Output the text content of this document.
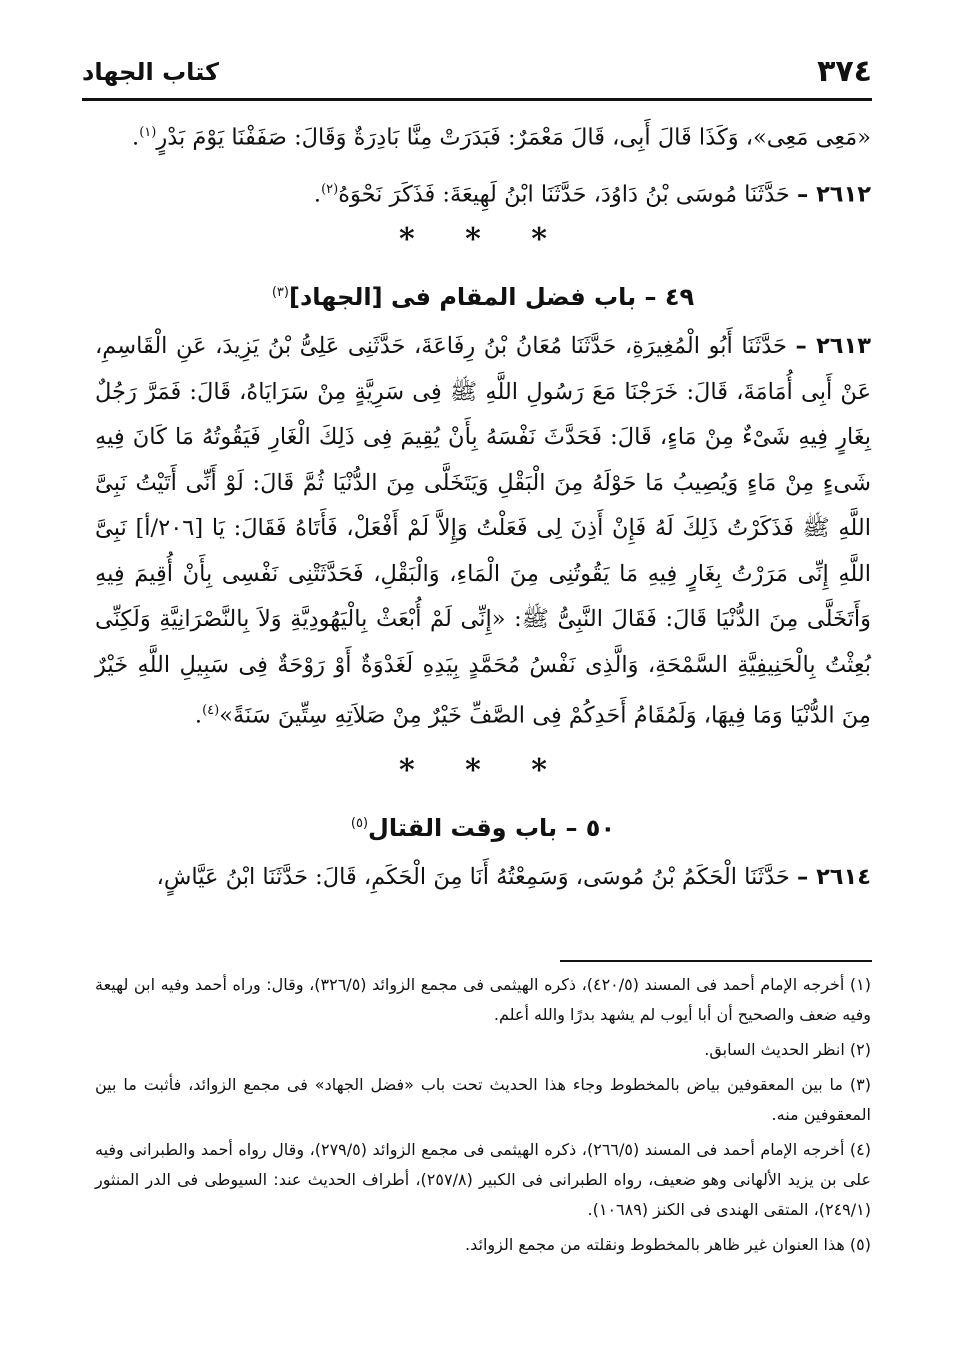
كتاب الجهاد	٣٧٤

«مَعِى مَعِى»، وَكَذَا قَالَ أَبِى، قَالَ مَعْمَرٌ: فَبَدَرَتْ مِنَّا بَادِرَةٌ وَقَالَ: صَفَفْنَا يَوْمَ بَدْرٍ$^{(١)}$.

٢٦١٢ – حَدَّثَنَا مُوسَى بْنُ دَاوُدَ، حَدَّثَنَا ابْنُ لَهِيعَةَ: فَذَكَرَ نَحْوَهُ$^{(٢)}$.

* * *
٤٩ – باب فضل المقام فى [الجهاد]$^{(٣)}$

٢٦١٣ – حَدَّثَنَا أَبُو الْمُغِيرَةِ، حَدَّثَنَا مُعَانُ بْنُ رِفَاعَةَ، حَدَّثَنِى عَلِىُّ بْنُ يَزِيدَ، عَنِ الْقَاسِمِ، عَنْ أَبِى أُمَامَةَ، قَالَ: خَرَجْنَا مَعَ رَسُولِ اللَّهِ ﷺ فِى سَرِيَّةٍ مِنْ سَرَايَاهُ، قَالَ: فَمَرَّ رَجُلٌ بِغَارٍ فِيهِ شَىْءٌ مِنْ مَاءٍ، قَالَ: فَحَدَّثَ نَفْسَهُ بِأَنْ يُقِيمَ فِى ذَلِكَ الْغَارِ فَيَقُوتُهُ مَا كَانَ فِيهِ شَىءٍ مِنْ مَاءٍ وَيُصِيبُ مَا حَوْلَهُ مِنَ الْبَقْلِ وَيَتَخَلَّى مِنَ الدُّنْيَا ثُمَّ قَالَ: لَوْ أَنِّى أَتَيْتُ نَبِىَّ اللَّهِ ﷺ فَذَكَرْتُ ذَلِكَ لَهُ فَإِنْ أَذِنَ لِى فَعَلْتُ وَإِلاَّ لَمْ أَفْعَلْ، فَأَتَاهُ فَقَالَ: يَا [٢٠٦/أ] نَبِىَّ اللَّهِ إِنِّى مَرَرْتُ بِغَارٍ فِيهِ مَا يَقُوتُنِى مِنَ الْمَاءِ، وَالْبَقْلِ، فَحَدَّثَتْنِى نَفْسِى بِأَنْ أُقِيمَ فِيهِ وَأَتَخَلَّى مِنَ الدُّنْيَا قَالَ: فَقَالَ النَّبِىُّ ﷺ: «إِنِّى لَمْ أُبْعَثْ بِالْيَهُودِيَّةِ وَلاَ بِالنَّصْرَانِيَّةِ وَلَكِنِّى بُعِثْتُ بِالْحَنِيفِيَّةِ السَّمْحَةِ، وَالَّذِى نَفْسُ مُحَمَّدٍ بِيَدِهِ لَغَدْوَةٌ أَوْ رَوْحَةٌ فِى سَبِيلِ اللَّهِ خَيْرٌ مِنَ الدُّنْيَا وَمَا فِيهَا، وَلَمُقَامُ أَحَدِكُمْ فِى الصَّفِّ خَيْرٌ مِنْ صَلاَتِهِ سِتِّينَ سَنَةً»$^{(٤)}$.

* * *
٥٠ – باب وقت القتال$^{(٥)}$

٢٦١٤ – حَدَّثَنَا الْحَكَمُ بْنُ مُوسَى، وَسَمِعْتُهُ أَنَا مِنَ الْحَكَمِ، قَالَ: حَدَّثَنَا ابْنُ عَيَّاشٍ،

(١) أخرجه الإمام أحمد فى المسند (٤٢٠/٥)، ذكره الهيثمى فى مجمع الزوائد (٣٢٦/٥)، وقال: وراه أحمد وفيه ابن لهيعة وفيه ضعف والصحيح أن أبا أيوب لم يشهد بدرًا والله أعلم.

(٢) انظر الحديث السابق.

(٣) ما بين المعقوفين بياض بالمخطوط وجاء هذا الحديث تحت باب «فضل الجهاد» فى مجمع الزوائد، فأثبت ما بين المعقوفين منه.

(٤) أخرجه الإمام أحمد فى المسند (٢٦٦/٥)، ذكره الهيثمى فى مجمع الزوائد (٢٧٩/٥)، وقال رواه أحمد والطبرانى وفيه على بن يزيد الألهانى وهو ضعيف، رواه الطبرانى فى الكبير (٢٥٧/٨)، أطراف الحديث عند: السيوطى فى الدر المنثور (٢٤٩/١)، المتقى الهندى فى الكنز (١٠٦٨٩).

(٥) هذا العنوان غير ظاهر بالمخطوط ونقلته من مجمع الزوائد.
